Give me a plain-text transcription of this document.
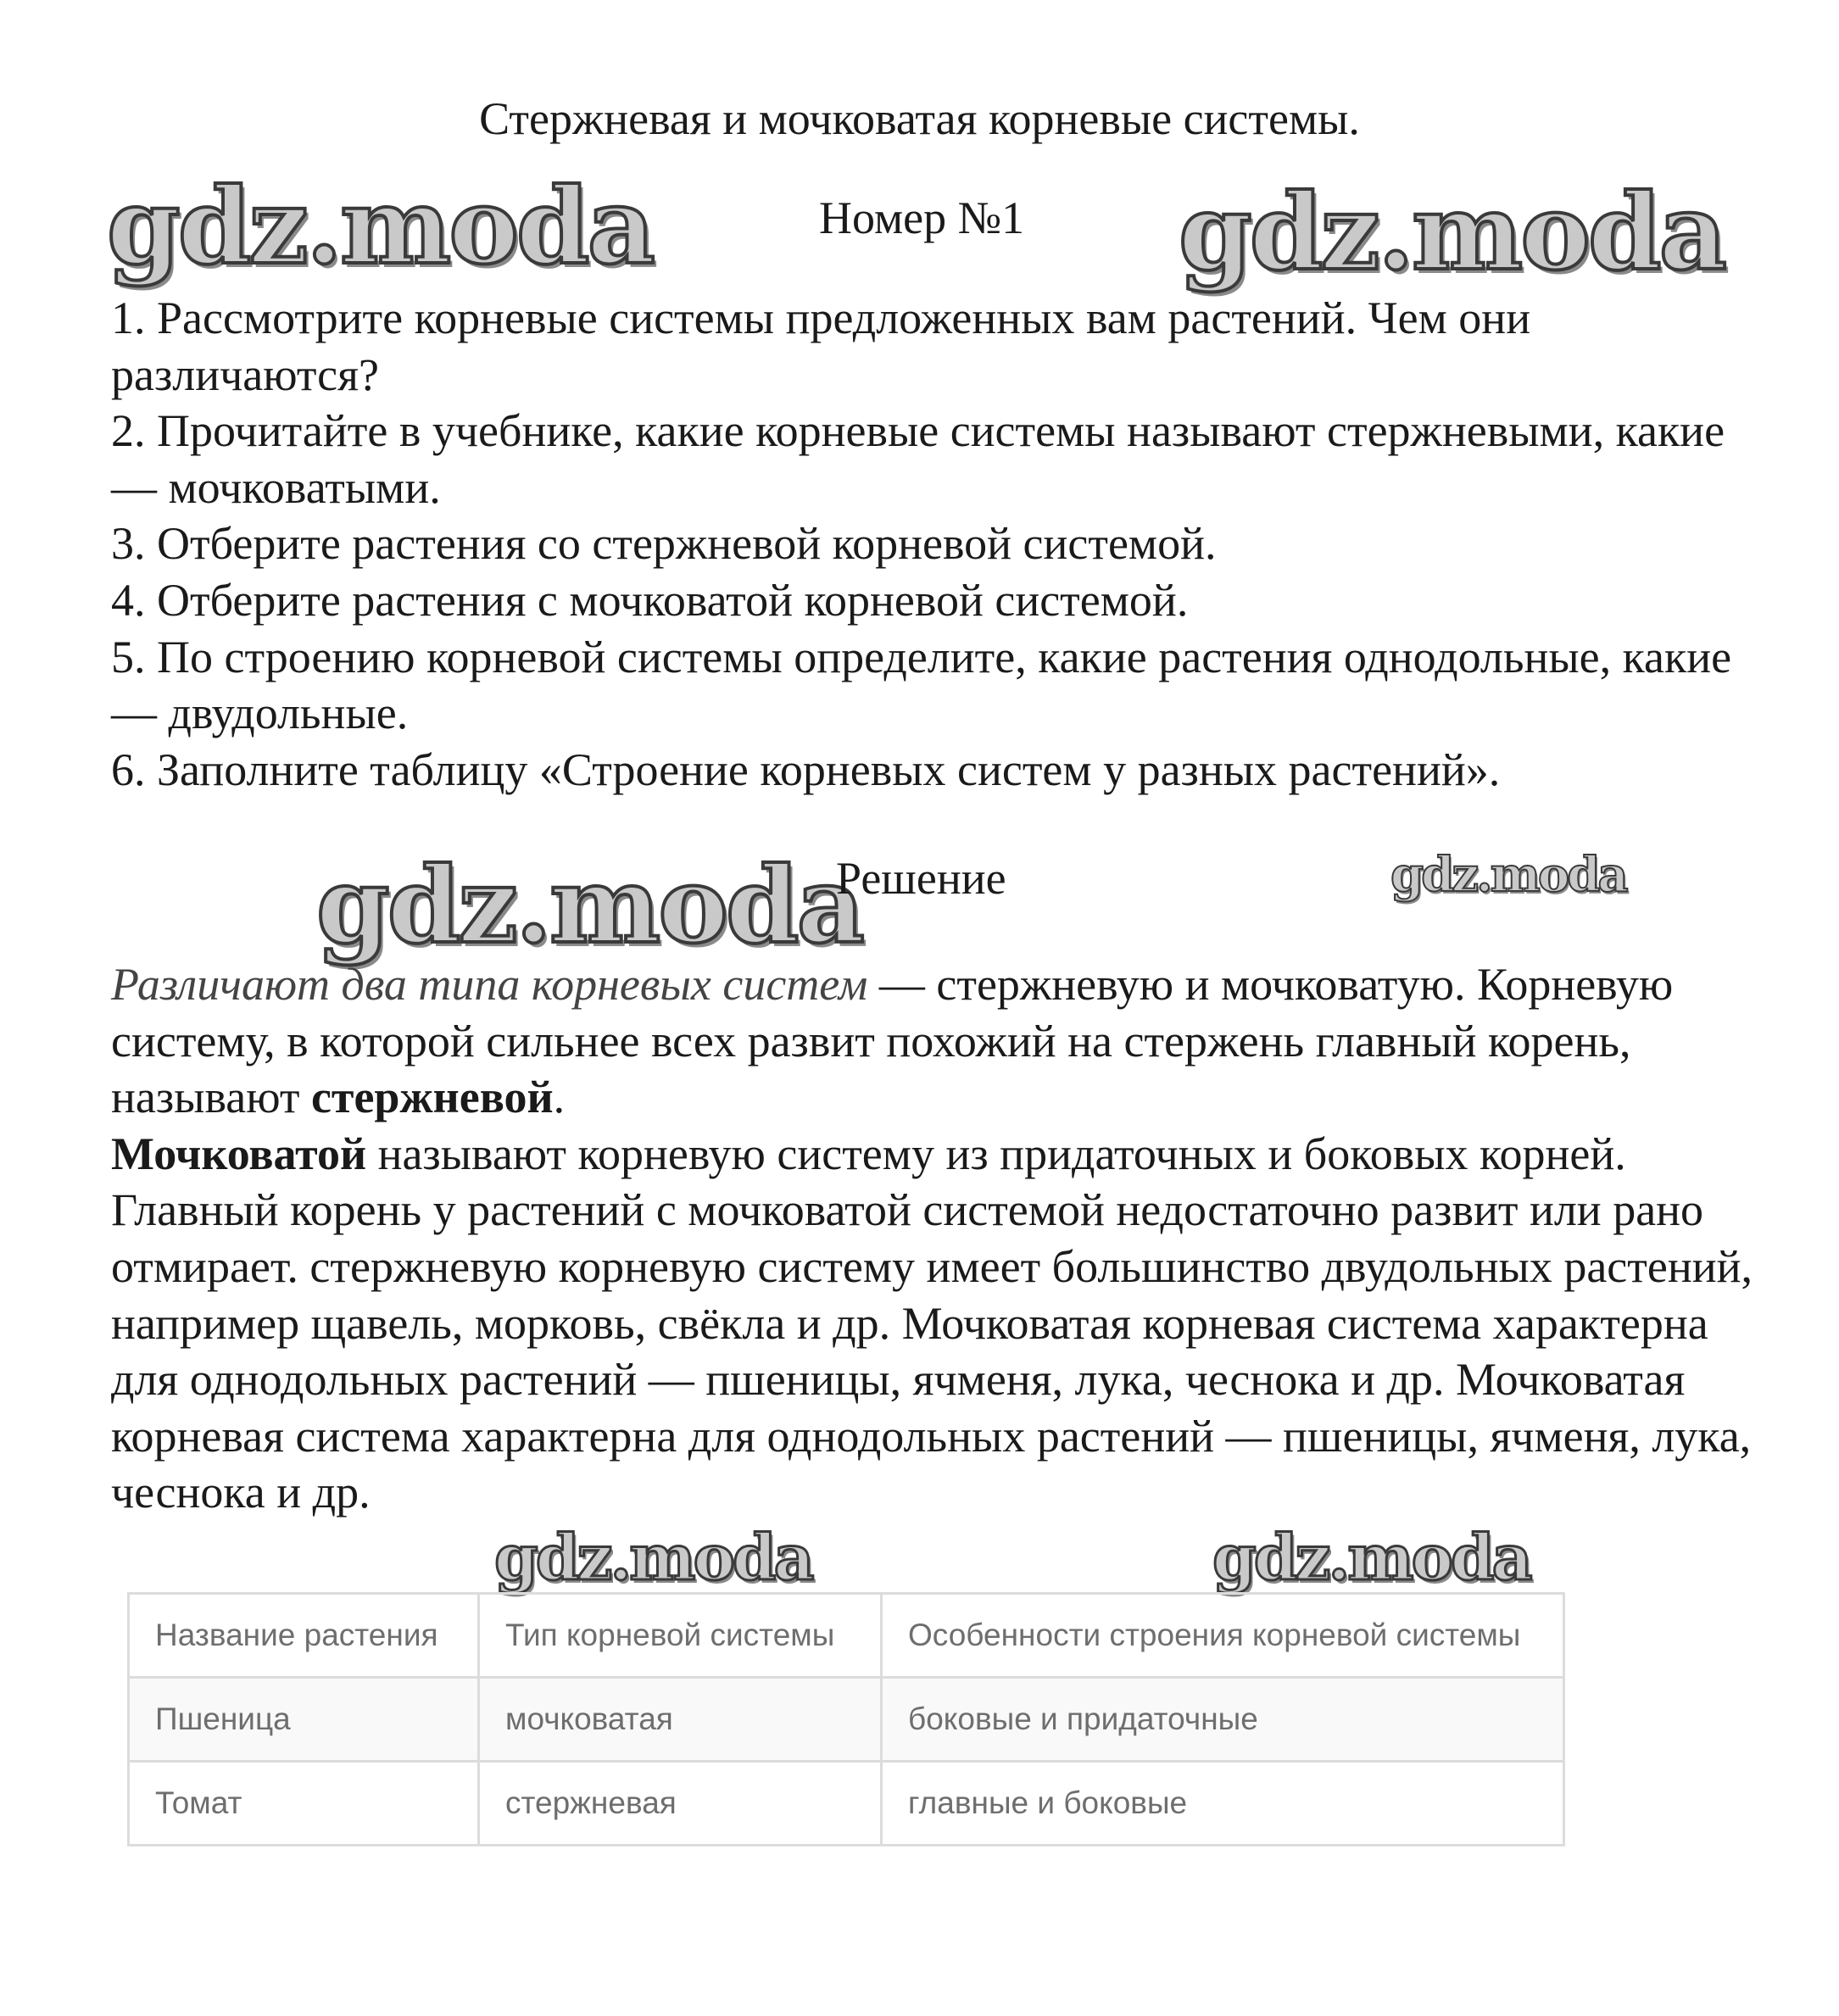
Стержневая и мочковатая корневые системы.
gdz.moda	Номер №1 gdz.moda
1. Рассмотрите корневые системы предложенных вам растений. Чем они различаются?
2. Прочитайте в учебнике, какие корневые системы называют стержневыми, какие — мочковатыми.
3. Отберите растения со стержневой корневой системой.
4. Отберите растения с мочковатой корневой системой.
5. По строению корневой системы определите, какие растения однодольные, какие — двудольные.
6. Заполните таблицу «Строение корневых систем у разных растений».
gdz.moda
Решение	gdz.moda

Различают два типа корневых систем — стержневую и мочковатую. Корневую систему, в которой сильнее всех развит похожий на стержень главный корень, называют стержневой.

Мочковатой называют корневую систему из придаточных и боковых корней. Главный корень у растений с мочковатой системой недостаточно развит или рано отмирает. стержневую корневую систему имеет большинство двудольных растений, например щавель, морковь, свёкла и др. Мочковатая корневая система характерна для однодольных растений — пшеницы, ячменя, лука, чеснока и др. Мочковатая корневая система характерна для однодольных растений — пшеницы, ячменя, лука, чеснока и др.

gdz.moda	gdz.moda
Название растения	Тип корневой системы	Особенности строения корневой системы
Пшеница	мочковатая	боковые и придаточные
Томат	стержневая	главные и боковые
